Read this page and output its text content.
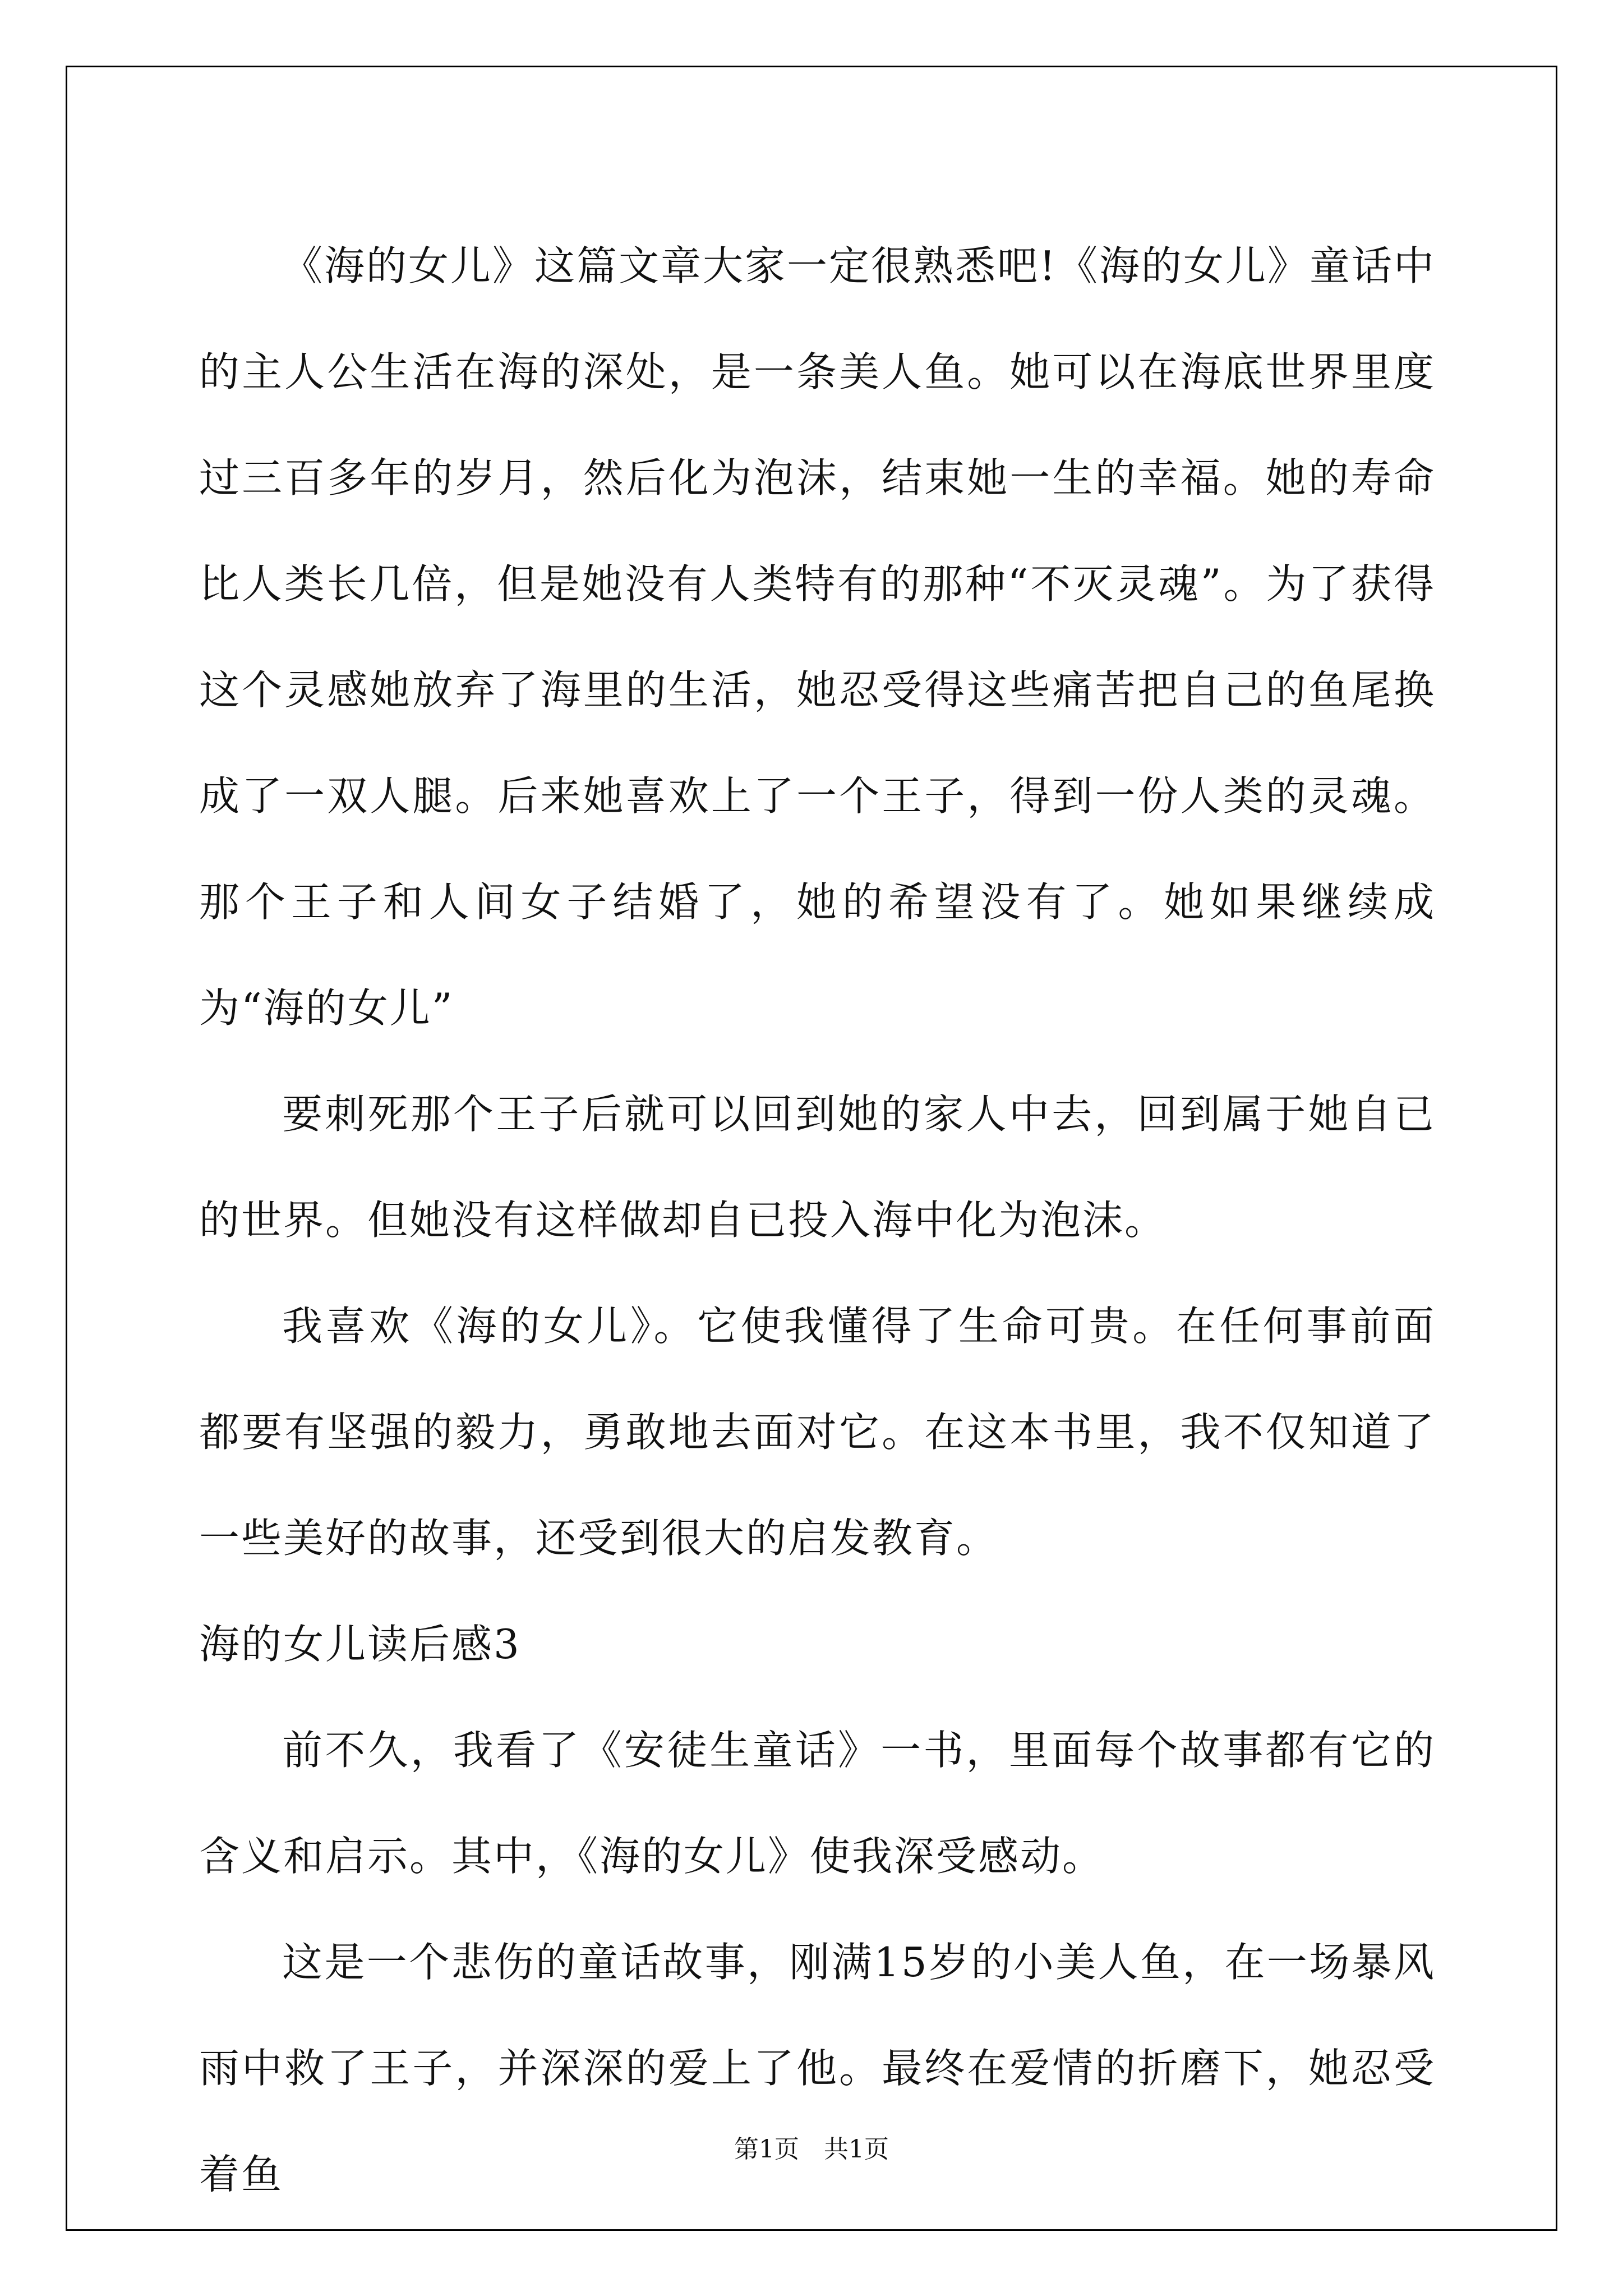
《海的女儿》这篇文章大家一定很熟悉吧!《海的女儿》童话中的主人公生活在海的深处，是一条美人鱼。她可以在海底世界里度过三百多年的岁月，然后化为泡沫，结束她一生的幸福。她的寿命比人类长几倍，但是她没有人类特有的那种“不灭灵魂”。为了获得这个灵感她放弃了海里的生活，她忍受得这些痛苦把自己的鱼尾换成了一双人腿。后来她喜欢上了一个王子，得到一份人类的灵魂。那个王子和人间女子结婚了，她的希望没有了。她如果继续成为“海的女儿”

要刺死那个王子后就可以回到她的家人中去，回到属于她自已的世界。但她没有这样做却自已投入海中化为泡沫。

我喜欢《海的女儿》。它使我懂得了生命可贵。在任何事前面都要有坚强的毅力，勇敢地去面对它。在这本书里，我不仅知道了一些美好的故事，还受到很大的启发教育。

海的女儿读后感3

前不久，我看了《安徒生童话》一书，里面每个故事都有它的含义和启示。其中，《海的女儿》使我深受感动。

这是一个悲伤的童话故事，刚满15岁的小美人鱼，在一场暴风雨中救了王子，并深深的爱上了他。最终在爱情的折磨下，她忍受着鱼

第1页　共1页
